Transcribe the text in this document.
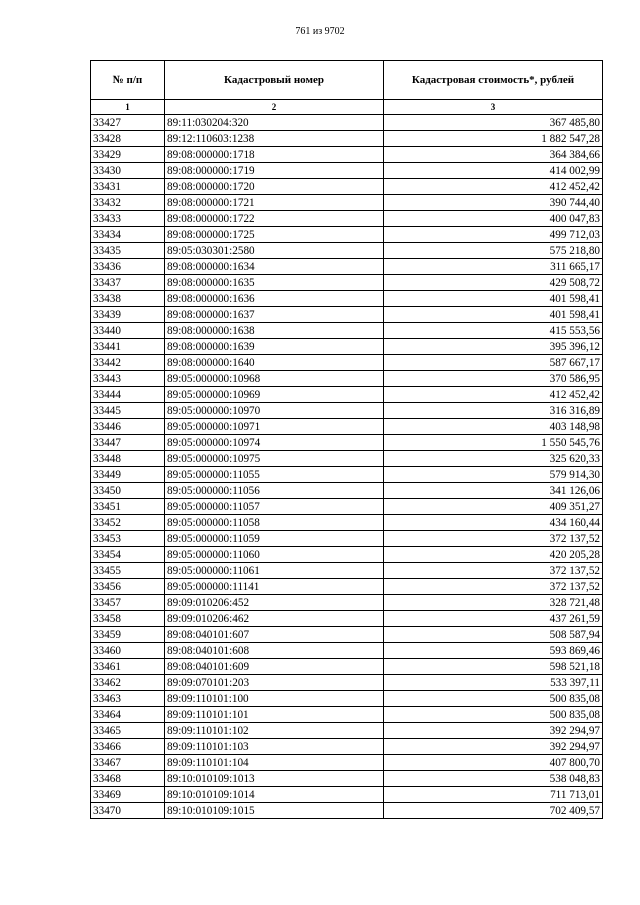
761 из 9702
№ п/п	Кадастровый номер	Кадастровая стоимость*, рублей
1	2	3
33427	89:11:030204:320	367 485,80
33428	89:12:110603:1238	1 882 547,28
33429	89:08:000000:1718	364 384,66
33430	89:08:000000:1719	414 002,99
33431	89:08:000000:1720	412 452,42
33432	89:08:000000:1721	390 744,40
33433	89:08:000000:1722	400 047,83
33434	89:08:000000:1725	499 712,03
33435	89:05:030301:2580	575 218,80
33436	89:08:000000:1634	311 665,17
33437	89:08:000000:1635	429 508,72
33438	89:08:000000:1636	401 598,41
33439	89:08:000000:1637	401 598,41
33440	89:08:000000:1638	415 553,56
33441	89:08:000000:1639	395 396,12
33442	89:08:000000:1640	587 667,17
33443	89:05:000000:10968	370 586,95
33444	89:05:000000:10969	412 452,42
33445	89:05:000000:10970	316 316,89
33446	89:05:000000:10971	403 148,98
33447	89:05:000000:10974	1 550 545,76
33448	89:05:000000:10975	325 620,33
33449	89:05:000000:11055	579 914,30
33450	89:05:000000:11056	341 126,06
33451	89:05:000000:11057	409 351,27
33452	89:05:000000:11058	434 160,44
33453	89:05:000000:11059	372 137,52
33454	89:05:000000:11060	420 205,28
33455	89:05:000000:11061	372 137,52
33456	89:05:000000:11141	372 137,52
33457	89:09:010206:452	328 721,48
33458	89:09:010206:462	437 261,59
33459	89:08:040101:607	508 587,94
33460	89:08:040101:608	593 869,46
33461	89:08:040101:609	598 521,18
33462	89:09:070101:203	533 397,11
33463	89:09:110101:100	500 835,08
33464	89:09:110101:101	500 835,08
33465	89:09:110101:102	392 294,97
33466	89:09:110101:103	392 294,97
33467	89:09:110101:104	407 800,70
33468	89:10:010109:1013	538 048,83
33469	89:10:010109:1014	711 713,01
33470	89:10:010109:1015	702 409,57
